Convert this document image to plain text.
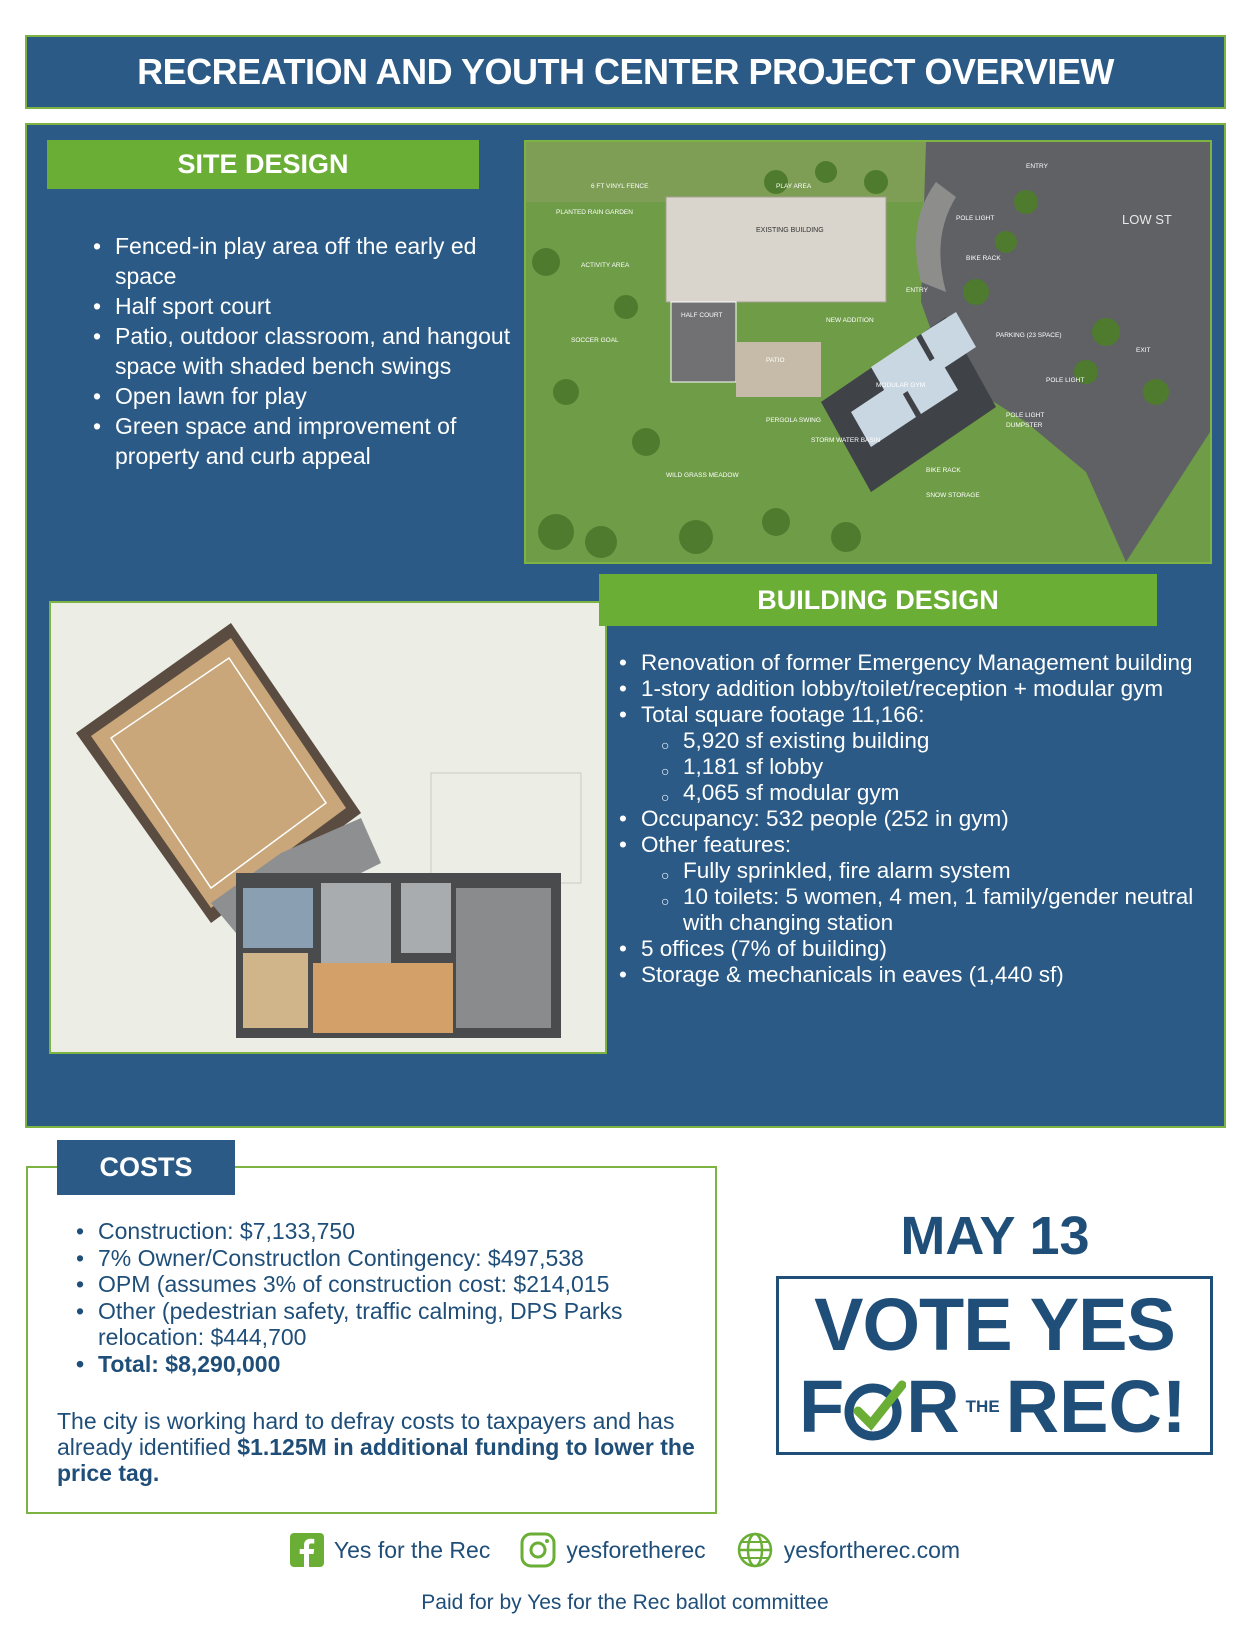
RECREATION AND YOUTH CENTER PROJECT OVERVIEW
SITE DESIGN
• Fenced-in play area off the early ed space
• Half sport court
• Patio, outdoor classroom, and hangout space with shaded bench swings
• Open lawn for play
• Green space and improvement of property and curb appeal
6 FT VINYL FENCE	PLAY AREA
ENTRY
LOW ST
PLANTED RAIN GARDEN
ACTIVITY AREA
ENTRY
HALF COURT
NEW ADDITION
SOCCER GOAL
PATIO
PARKING (23 SPACE)
EXIT
MODULAR GYM
POLE LIGHT
PERGOLA SWING
DUMPSTER
STORM WATER BASIN
WILD GRASS MEADOW
BIKE RACK
SNOW STORAGE
POLE LIGHT
BIKE RACK
POLE LIGHT
EXISTING BUILDING
BUILDING DESIGN
• Renovation of former Emergency Management building
• 1-story addition lobby/toilet/reception + modular gym
• Total square footage 11,166:
○ 5,920 sf existing building
○ 1,181 sf lobby
○ 4,065 sf modular gym
• Occupancy: 532 people (252 in gym)
• Other features:
○ Fully sprinkled, fire alarm system
○ 10 toilets: 5 women, 4 men, 1 family/gender neutral with changing station
• 5 offices (7% of building)
• Storage & mechanicals in eaves (1,440 sf)
COSTS
• Construction: $7,133,750
• 7% Owner/Constructlon Contingency: $497,538
• OPM (assumes 3% of construction cost: $214,015
• Other (pedestrian safety, traffic calming, DPS Parks relocation: $444,700
• Total: $8,290,000

The city is working hard to defray costs to taxpayers and has already identified $1.125M in additional funding to lower the price tag.

MAY 13
VOTE YES
F R THE REC!
Yes for the Rec	yesforetherec	yesfortherec.com
Paid for by Yes for the Rec ballot committee
